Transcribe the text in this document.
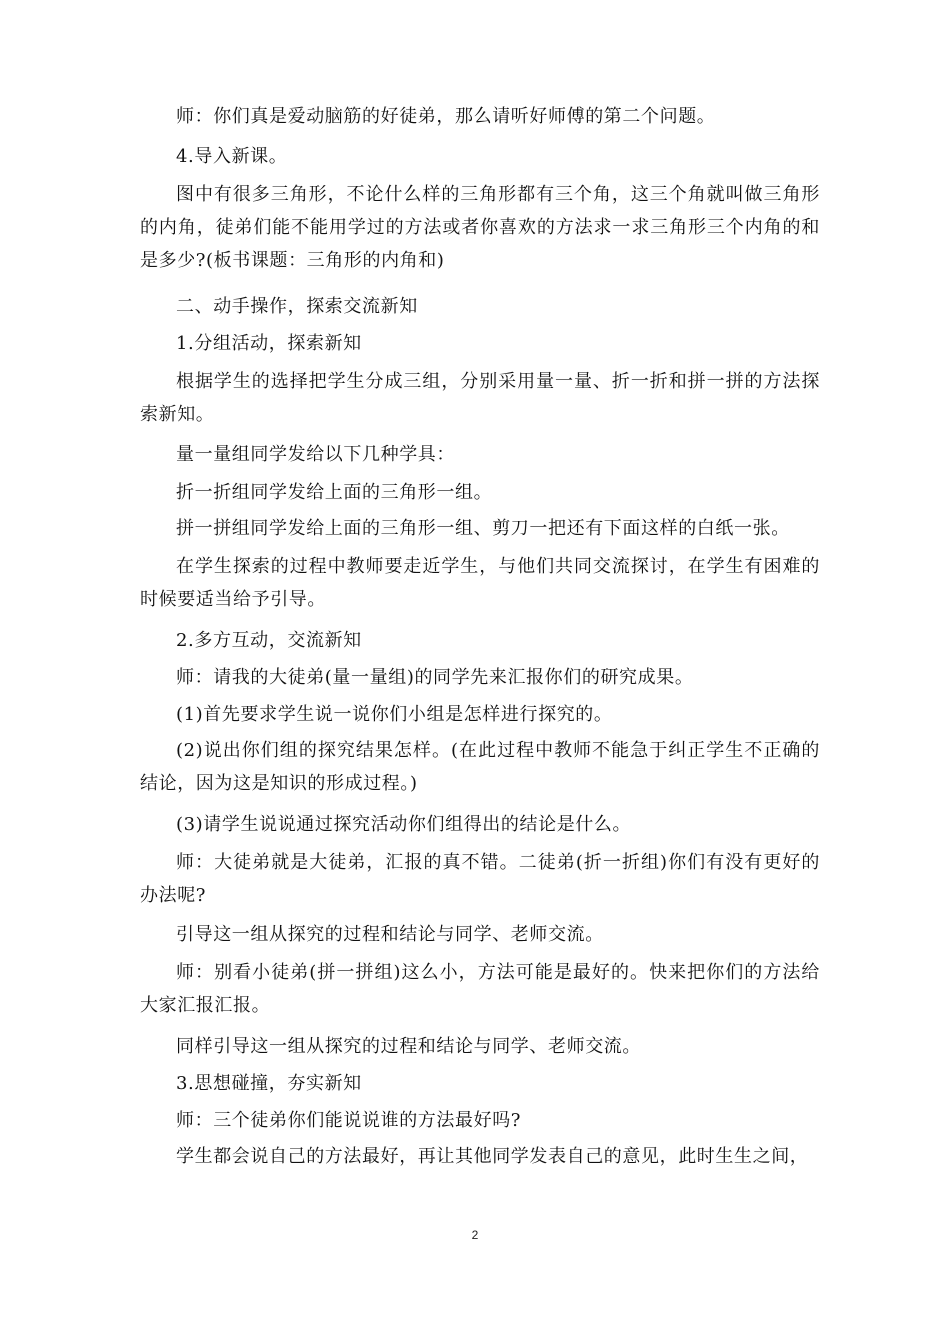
师：你们真是爱动脑筋的好徒弟，那么请听好师傅的第二个问题。

4.导入新课。

图中有很多三角形，不论什么样的三角形都有三个角，这三个角就叫做三角形的内角，徒弟们能不能用学过的方法或者你喜欢的方法求一求三角形三个内角的和是多少?(板书课题：三角形的内角和)

二、动手操作，探索交流新知

1.分组活动，探索新知

根据学生的选择把学生分成三组，分别采用量一量、折一折和拼一拼的方法探索新知。

量一量组同学发给以下几种学具：

折一折组同学发给上面的三角形一组。

拼一拼组同学发给上面的三角形一组、剪刀一把还有下面这样的白纸一张。

在学生探索的过程中教师要走近学生，与他们共同交流探讨，在学生有困难的时候要适当给予引导。

2.多方互动，交流新知

师：请我的大徒弟(量一量组)的同学先来汇报你们的研究成果。

(1)首先要求学生说一说你们小组是怎样进行探究的。

(2)说出你们组的探究结果怎样。(在此过程中教师不能急于纠正学生不正确的结论，因为这是知识的形成过程。)

(3)请学生说说通过探究活动你们组得出的结论是什么。

师：大徒弟就是大徒弟，汇报的真不错。二徒弟(折一折组)你们有没有更好的办法呢?

引导这一组从探究的过程和结论与同学、老师交流。

师：别看小徒弟(拼一拼组)这么小，方法可能是最好的。快来把你们的方法给大家汇报汇报。

同样引导这一组从探究的过程和结论与同学、老师交流。

3.思想碰撞，夯实新知

师：三个徒弟你们能说说谁的方法最好吗?

学生都会说自己的方法最好，再让其他同学发表自己的意见，此时生生之间，

2
